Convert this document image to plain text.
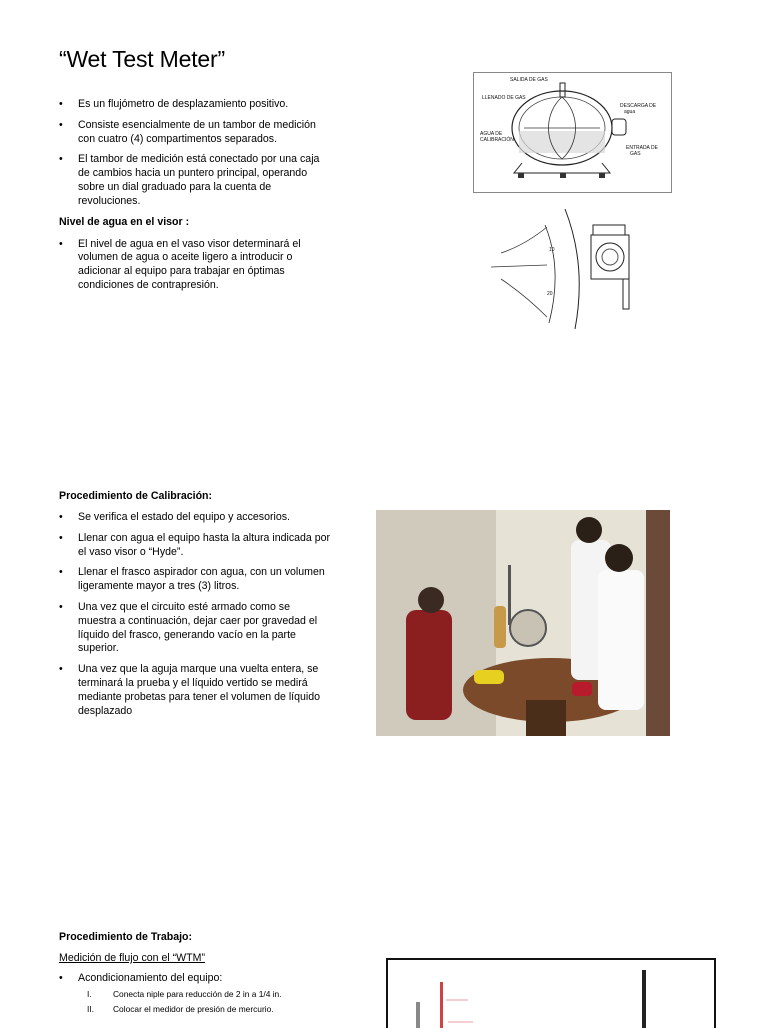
“Wet Test Meter”
• Es un flujómetro de desplazamiento positivo.
• Consiste esencialmente de un tambor de medición con cuatro (4) compartimentos separados.
• El tambor de medición está conectado por una caja de cambios hacia un puntero principal, operando sobre un dial graduado para la cuenta de revoluciones.
Nivel de agua en el visor :
• El nivel de agua en el vaso visor determinará el volumen de agua o aceite ligero a introducir o adicionar al equipo para trabajar en óptimas condiciones de contrapresión.
SALIDA DE GAS
LLENADO DE GAS
DESCARGA DE
agua
AGUA DE
CALIBRACIÓN
ENTRADA DE
GAS
10
20
Procedimiento de Calibración:
• Se verifica el estado del equipo y accesorios.
• Llenar con agua el equipo hasta la altura indicada por el vaso visor o “Hyde”.
• Llenar el frasco aspirador con agua, con un volumen ligeramente mayor a tres (3) litros.
• Una vez que el circuito esté armado como se muestra a continuación, dejar caer por gravedad el líquido del frasco, generando vacío en la parte superior.
• Una vez que la aguja marque una vuelta entera, se terminará la prueba y el líquido vertido se medirá mediante probetas para tener el volumen de líquido desplazado
Procedimiento de Trabajo:
Medición de flujo con el “WTM”
• Acondicionamiento del equipo:
I.	Conecta niple para reducción de 2 in a 1/4 in.
II. Colocar el medidor de presión de mercurio.
